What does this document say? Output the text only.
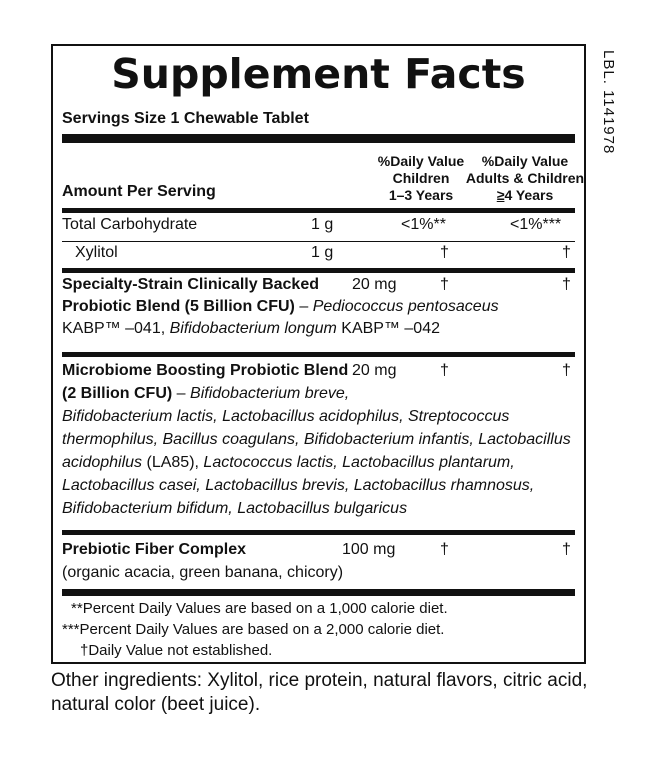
LBL. 1141978
Supplement Facts
Servings Size 1 Chewable Tablet
%Daily Value
Children
1–3 Years
%Daily Value
Adults & Children
≥4 Years
Amount Per Serving
Total Carbohydrate	1 g	<1%**	<1%***
Xylitol	1 g	†	†
Specialty-Strain Clinically Backed 20 mg	†	†
Probiotic Blend (5 Billion CFU) – Pediococcus pentosaceus
KABP™ –041, Bifidobacterium longum KABP™ –042
Microbiome Boosting Probiotic Blend 20 mg	†	†
(2 Billion CFU) – Bifidobacterium breve,
Bifidobacterium lactis, Lactobacillus acidophilus, Streptococcus
thermophilus, Bacillus coagulans, Bifidobacterium infantis, Lactobacillus
acidophilus (LA85), Lactococcus lactis, Lactobacillus plantarum,
Lactobacillus casei, Lactobacillus brevis, Lactobacillus rhamnosus,
Bifidobacterium bifidum, Lactobacillus bulgaricus
Prebiotic Fiber Complex	100 mg	†	†
(organic acacia, green banana, chicory)
**Percent Daily Values are based on a 1,000 calorie diet.
***Percent Daily Values are based on a 2,000 calorie diet.
†Daily Value not established.
Other ingredients: Xylitol, rice protein, natural flavors, citric acid, natural color (beet juice).
